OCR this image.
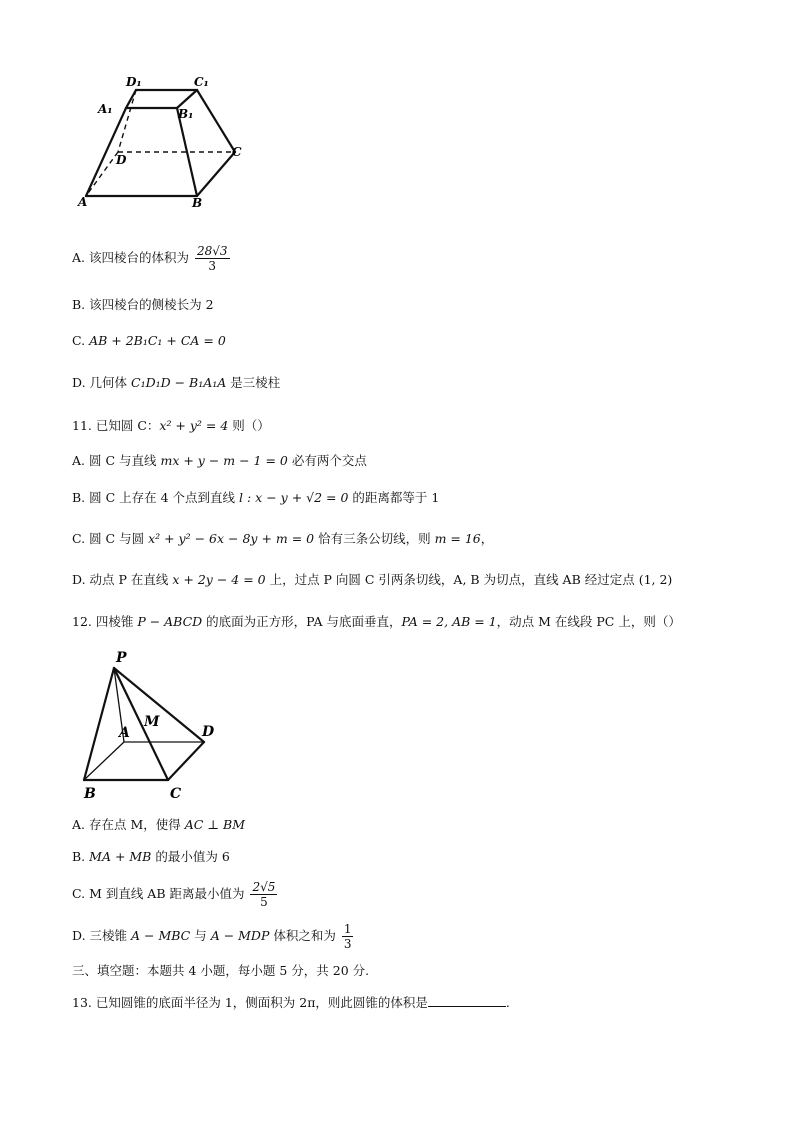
D₁	C₁
A₁	B₁
D
C
A	B
A. 该四棱台的体积为 $\frac{28√3}{3}$
B. 该四棱台的侧棱长为 2
C. AB + 2B₁C₁ + CA = 0
D. 几何体 C₁D₁D − B₁A₁A 是三棱柱
11. 已知圆 C：x² + y² = 4 则（）
A. 圆 C 与直线 mx + y − m − 1 = 0 必有两个交点
B. 圆 C 上存在 4 个点到直线 l : x − y + √2 = 0 的距离都等于 1
C. 圆 C 与圆 x² + y² − 6x − 8y + m = 0 恰有三条公切线，则 m = 16，
D. 动点 P 在直线 x + 2y − 4 = 0 上，过点 P 向圆 C 引两条切线，A, B 为切点，直线 AB 经过定点 (1, 2)
12. 四棱锥 P − ABCD 的底面为正方形，PA 与底面垂直，PA = 2, AB = 1，动点 M 在线段 PC 上，则（）
P
M
A	D
B	C
A. 存在点 M，使得 AC ⊥ BM
B. MA + MB 的最小值为 6
C. M 到直线 AB 距离最小值为 $\frac{2√5}{5}$
D. 三棱锥 A − MBC 与 A − MDP 体积之和为 $\frac{1}{3}$
三、填空题：本题共 4 小题，每小题 5 分，共 20 分.
13. 已知圆锥的底面半径为 1，侧面积为 2π，则此圆锥的体积是	.
